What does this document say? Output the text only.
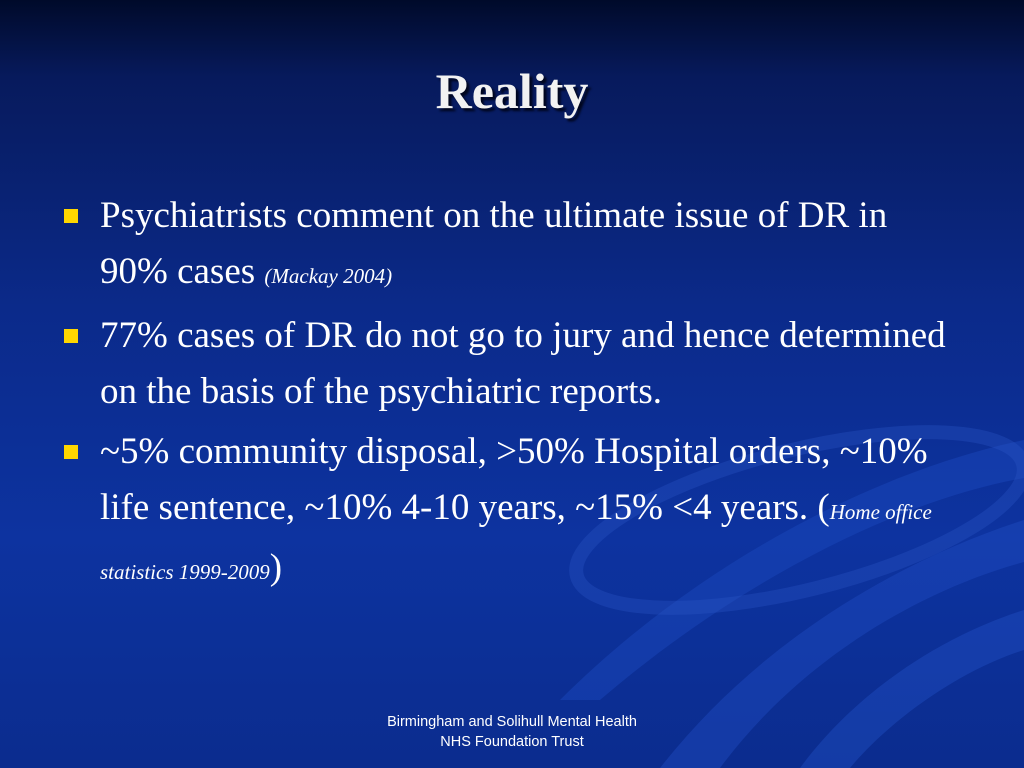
Reality
Psychiatrists comment on the ultimate issue of DR in 90% cases (Mackay 2004)
77% cases of DR do not go to jury and hence determined on the basis of the psychiatric reports.
~5% community disposal, >50% Hospital orders, ~10% life sentence, ~10% 4-10 years, ~15% <4 years. (Home office statistics 1999-2009)
Birmingham and Solihull Mental Health
NHS Foundation Trust
